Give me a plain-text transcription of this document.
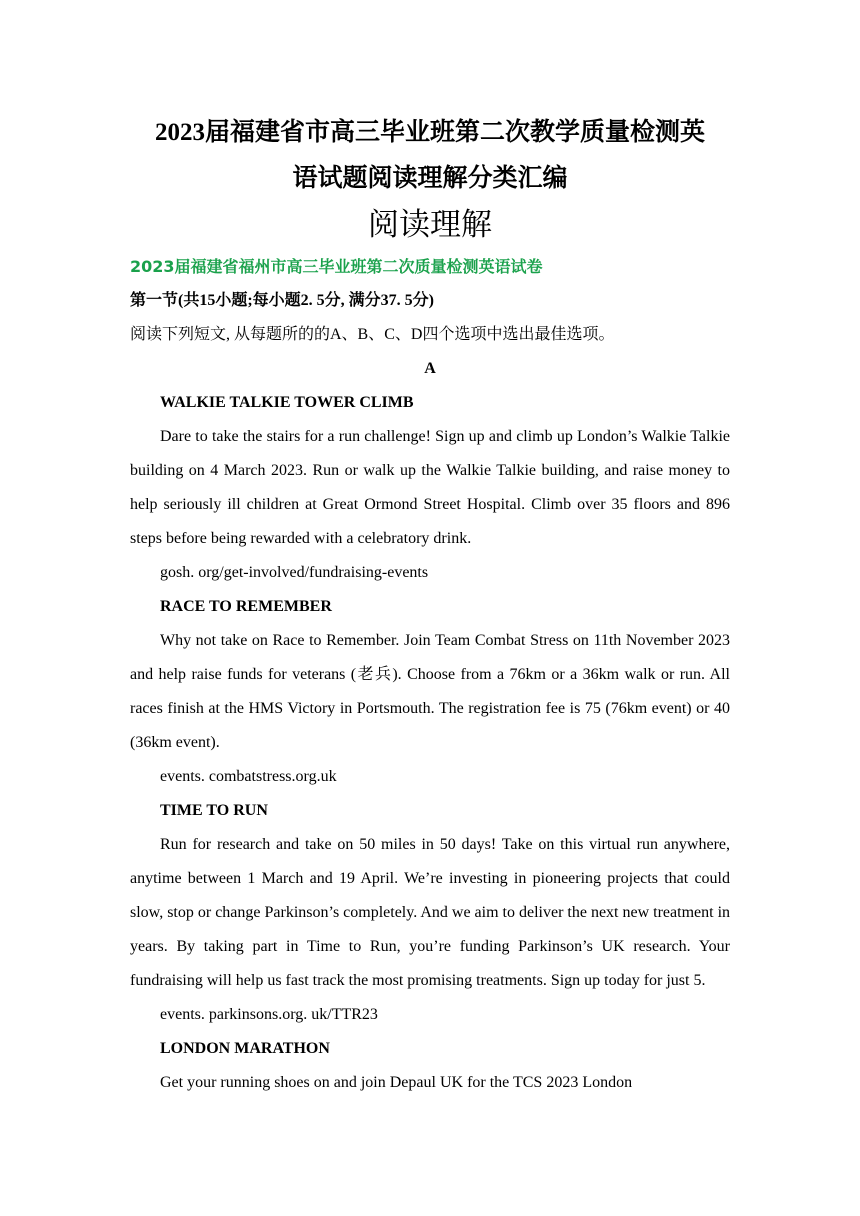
2023届福建省市高三毕业班第二次教学质量检测英
语试题阅读理解分类汇编
阅读理解
2023届福建省福州市高三毕业班第二次质量检测英语试卷
第一节(共15小题;每小题2. 5分, 满分37. 5分)
阅读下列短文, 从每题所的的A、B、C、D四个选项中选出最佳选项。
A
WALKIE TALKIE TOWER CLIMB

Dare to take the stairs for a run challenge! Sign up and climb up London’s Walkie Talkie building on 4 March 2023. Run or walk up the Walkie Talkie building, and raise money to help seriously ill children at Great Ormond Street Hospital. Climb over 35 floors and 896 steps before being rewarded with a celebratory drink.

gosh. org/get-involved/fundraising-events
RACE TO REMEMBER

Why not take on Race to Remember. Join Team Combat Stress on 11th November 2023 and help raise funds for veterans (老兵). Choose from a 76km or a 36km walk or run. All races finish at the HMS Victory in Portsmouth. The registration fee is 75 (76km event) or 40 (36km event).

events. combatstress.org.uk
TIME TO RUN

Run for research and take on 50 miles in 50 days! Take on this virtual run anywhere, anytime between 1 March and 19 April. We’re investing in pioneering projects that could slow, stop or change Parkinson’s completely. And we aim to deliver the next new treatment in years. By taking part in Time to Run, you’re funding Parkinson’s UK research. Your fundraising will help us fast track the most promising treatments. Sign up today for just 5.

events. parkinsons.org. uk/TTR23
LONDON MARATHON

Get your running shoes on and join Depaul UK for the TCS 2023 London
